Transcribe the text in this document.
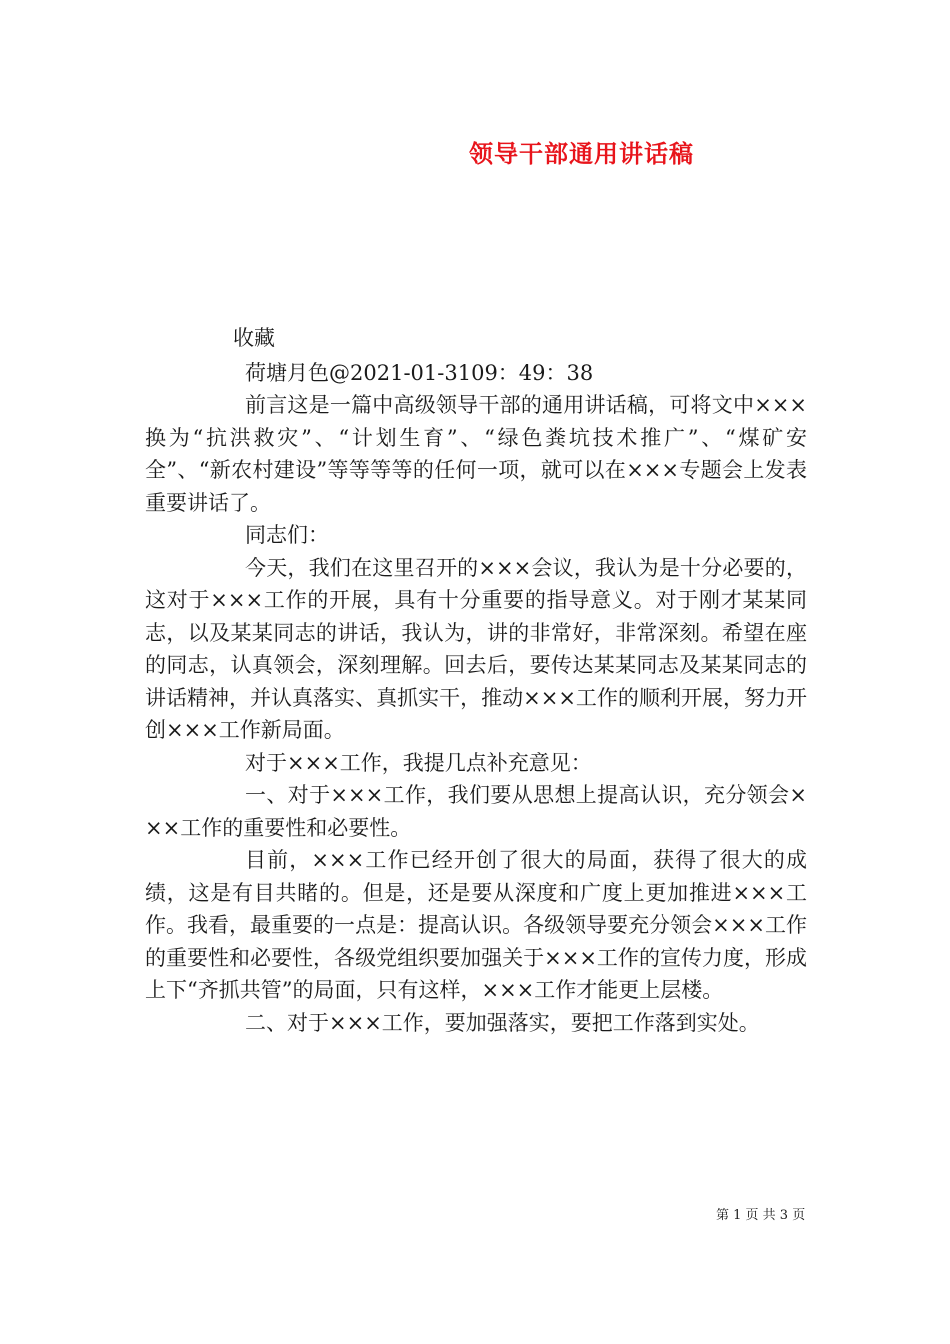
领导干部通用讲话稿

收藏

荷塘月色@2021-01-3109：49：38

前言这是一篇中高级领导干部的通用讲话稿，可将文中×××换为“抗洪救灾”、“计划生育”、“绿色粪坑技术推广”、“煤矿安全”、“新农村建设”等等等等的任何一项，就可以在×××专题会上发表重要讲话了。

同志们：

今天，我们在这里召开的×××会议，我认为是十分必要的，这对于×××工作的开展，具有十分重要的指导意义。对于刚才某某同志，以及某某同志的讲话，我认为，讲的非常好，非常深刻。希望在座的同志，认真领会，深刻理解。回去后，要传达某某同志及某某同志的讲话精神，并认真落实、真抓实干，推动×××工作的顺利开展，努力开创×××工作新局面。

对于×××工作，我提几点补充意见：

一、对于×××工作，我们要从思想上提高认识，充分领会×××工作的重要性和必要性。

目前，×××工作已经开创了很大的局面，获得了很大的成绩，这是有目共睹的。但是，还是要从深度和广度上更加推进×××工作。我看，最重要的一点是：提高认识。各级领导要充分领会×××工作的重要性和必要性，各级党组织要加强关于×××工作的宣传力度，形成上下“齐抓共管”的局面，只有这样，×××工作才能更上层楼。

二、对于×××工作，要加强落实，要把工作落到实处。

第 1 页 共 3 页
